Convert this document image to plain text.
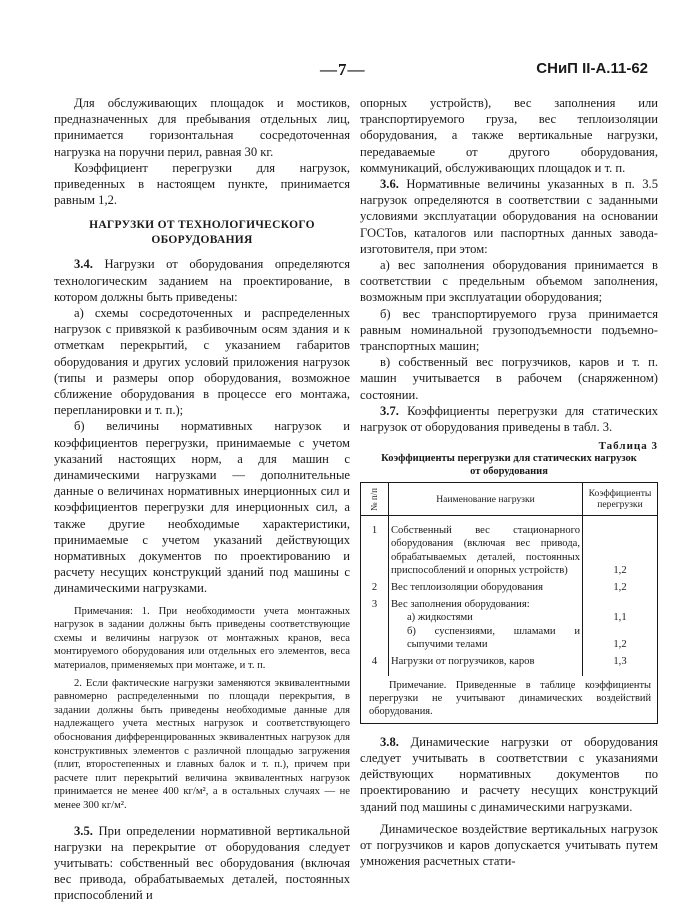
—7—	СНиП II-А.11-62

Для обслуживающих площадок и мостиков, предназначенных для пребывания отдельных лиц, принимается горизонтальная сосредоточенная нагрузка на поручни перил, равная 30 кг.

Коэффициент перегрузки для нагрузок, приведенных в настоящем пункте, принимается равным 1,2.

НАГРУЗКИ ОТ ТЕХНОЛОГИЧЕСКОГО
ОБОРУДОВАНИЯ

3.4. Нагрузки от оборудования определяются технологическим заданием на проектирование, в котором должны быть приведены:

а) схемы сосредоточенных и распределенных нагрузок с привязкой к разбивочным осям здания и к отметкам перекрытий, с указанием габаритов оборудования и других условий приложения нагрузок (типы и размеры опор оборудования, возможное сближение оборудования в процессе его монтажа, перепланировки и т. п.);

б) величины нормативных нагрузок и коэффициентов перегрузки, принимаемые с учетом указаний настоящих норм, а для машин с динамическими нагрузками — дополнительные данные о величинах нормативных инерционных сил и коэффициентов перегрузки для инерционных сил, а также другие необходимые характеристики, принимаемые с учетом указаний действующих нормативных документов по проектированию и расчету несущих конструкций зданий под машины с динамическими нагрузками.

Примечания: 1. При необходимости учета монтажных нагрузок в задании должны быть приведены соответствующие схемы и величины нагрузок от монтажных кранов, веса монтируемого оборудования или отдельных его элементов, веса материалов, применяемых при монтаже, и т. п.

2. Если фактические нагрузки заменяются эквивалентными равномерно распределенными по площади перекрытия, в задании должны быть приведены необходимые данные для надлежащего учета местных нагрузок и соответствующего обоснования дифференцированных эквивалентных нагрузок для конструктивных элементов с различной площадью загружения (плит, второстепенных и главных балок и т. п.), причем при расчете плит перекрытий величина эквивалентных нагрузок принимается не менее 400 кг/м², а в остальных случаях — не менее 300 кг/м².

3.5. При определении нормативной вертикальной нагрузки на перекрытие от оборудования следует учитывать: собственный вес оборудования (включая вес привода, обрабатываемых деталей, постоянных приспособлений и

опорных устройств), вес заполнения или транспортируемого груза, вес теплоизоляции оборудования, а также вертикальные нагрузки, передаваемые от другого оборудования, коммуникаций, обслуживающих площадок и т. п.

3.6. Нормативные величины указанных в п. 3.5 нагрузок определяются в соответствии с заданными условиями эксплуатации оборудования на основании ГОСТов, каталогов или паспортных данных завода-изготовителя, при этом:

а) вес заполнения оборудования принимается в соответствии с предельным объемом заполнения, возможным при эксплуатации оборудования;

б) вес транспортируемого груза принимается равным номинальной грузоподъемности подъемно-транспортных машин;

в) собственный вес погрузчиков, каров и т. п. машин учитывается в рабочем (снаряженном) состоянии.

3.7. Коэффициенты перегрузки для статических нагрузок от оборудования приведены в табл. 3.

Таблица 3
Коэффициенты перегрузки для статических нагрузок
от оборудования
№ п/п	Наименование нагрузки	Коэффициенты перегрузки
1	Собственный вес стационарного оборудования (включая вес привода, обрабатываемых деталей, постоянных приспособлений и опорных устройств)	1,2
2	Вес теплоизоляции оборудования	1,2
3	Вес заполнения оборудования:	
	а) жидкостями	1,1
	б) суспензиями, шламами и сыпучими телами	1,2
4	Нагрузки от погрузчиков, каров	1,3

Примечание. Приведенные в таблице коэффициенты перегрузки не учитывают динамических воздействий оборудования.

3.8. Динамические нагрузки от оборудования следует учитывать в соответствии с указаниями действующих нормативных документов по проектированию и расчету несущих конструкций зданий под машины с динамическими нагрузками.

Динамическое воздействие вертикальных нагрузок от погрузчиков и каров допускается учитывать путем умножения расчетных стати-
